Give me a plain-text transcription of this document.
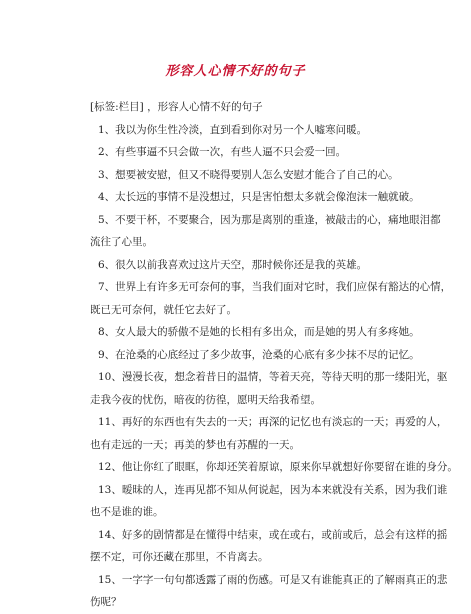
形容人心情不好的句子
[标签:栏目] ，形容人心情不好的句子
1、我以为你生性冷淡，直到看到你对另一个人嘘寒问暖。
2、有些事逼不只会做一次，有些人逼不只会爱一回。
3、想要被安慰，但又不晓得要别人怎么安慰才能合了自己的心。
4、太长远的事情不是没想过，只是害怕想太多就会像泡沫一触就破。
5、不要干杯，不要聚合，因为那是离别的重逢，被敲击的心，痛地眼泪都
流往了心里。
6、很久以前我喜欢过这片天空，那时候你还是我的英雄。
7、世界上有许多无可奈何的事，当我们面对它时，我们应保有豁达的心情，
既已无可奈何，就任它去好了。
8、女人最大的骄傲不是她的长相有多出众，而是她的男人有多疼她。
9、在沧桑的心底经过了多少故事，沧桑的心底有多少抹不尽的记忆。
10、漫漫长夜，想念着昔日的温情，等着天亮，等待天明的那一缕阳光，驱
走我今夜的忧伤，暗夜的彷徨，愿明天给我希望。
11、再好的东西也有失去的一天；再深的记忆也有淡忘的一天；再爱的人，
也有走远的一天；再美的梦也有苏醒的一天。
12、他让你红了眼眶，你却还笑着原谅，原来你早就想好你要留在谁的身分。
13、暧昧的人，连再见都不知从何说起，因为本来就没有关系，因为我们谁
也不是谁的谁。
14、好多的剧情都是在懂得中结束，或在或右，或前或后，总会有这样的摇
摆不定，可你还藏在那里，不肯离去。
15、一字字一句句都透露了雨的伤感。可是又有谁能真正的了解雨真正的悲
伤呢？
